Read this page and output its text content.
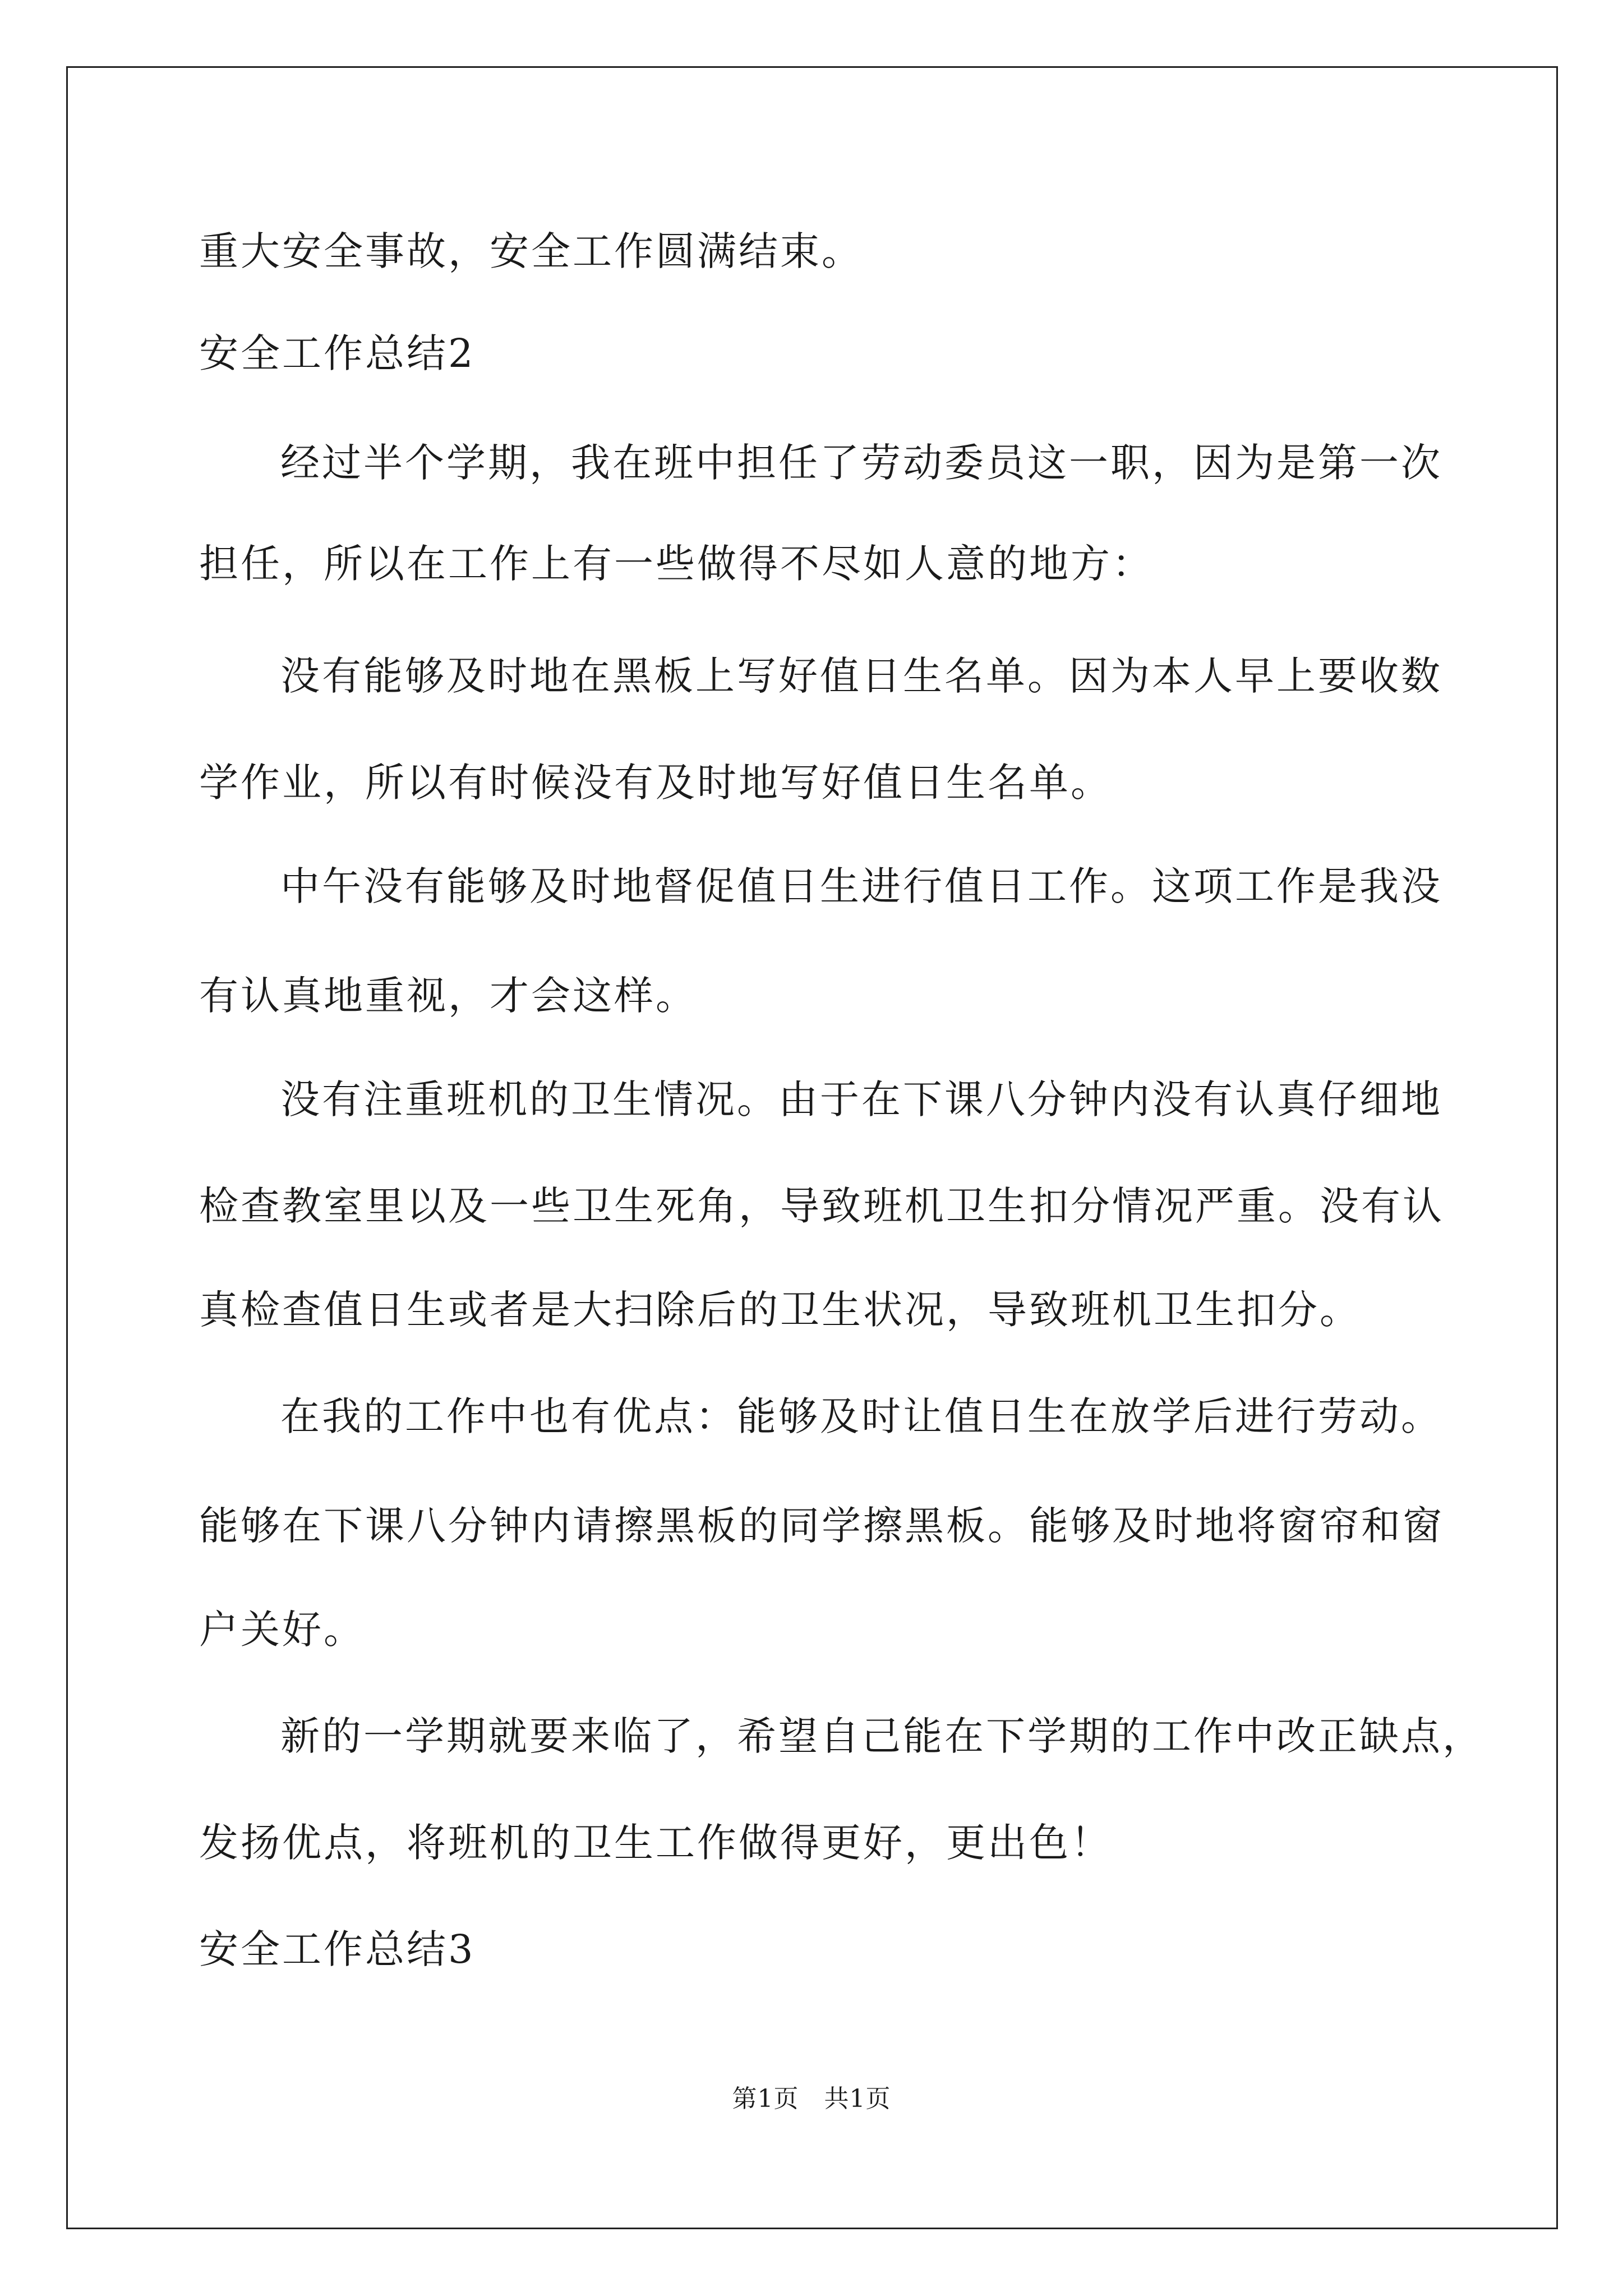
重大安全事故，安全工作圆满结束。
安全工作总结2
经过半个学期，我在班中担任了劳动委员这一职，因为是第一次
担任，所以在工作上有一些做得不尽如人意的地方：
没有能够及时地在黑板上写好值日生名单。因为本人早上要收数
学作业，所以有时候没有及时地写好值日生名单。
中午没有能够及时地督促值日生进行值日工作。这项工作是我没
有认真地重视，才会这样。
没有注重班机的卫生情况。由于在下课八分钟内没有认真仔细地
检查教室里以及一些卫生死角，导致班机卫生扣分情况严重。没有认
真检查值日生或者是大扫除后的卫生状况，导致班机卫生扣分。
在我的工作中也有优点：能够及时让值日生在放学后进行劳动。
能够在下课八分钟内请擦黑板的同学擦黑板。能够及时地将窗帘和窗
户关好。
新的一学期就要来临了，希望自己能在下学期的工作中改正缺点，
发扬优点，将班机的卫生工作做得更好，更出色！
安全工作总结3
第1页   共1页
